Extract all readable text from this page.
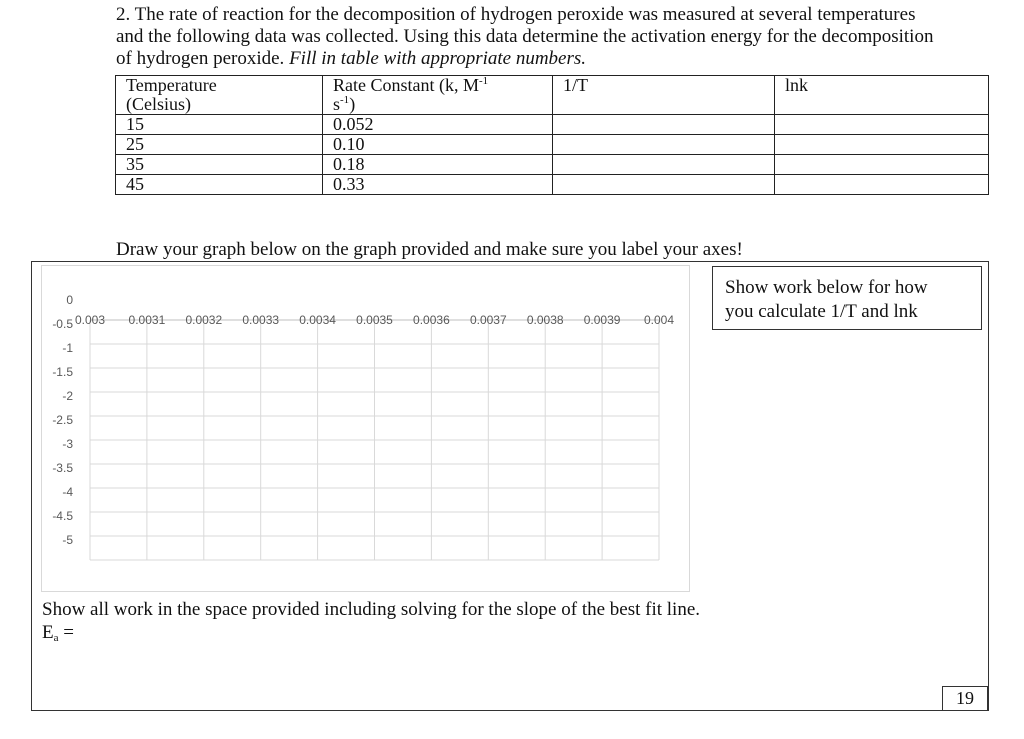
2. The rate of reaction for the decomposition of hydrogen peroxide was measured at several temperatures and the following data was collected. Using this data determine the activation energy for the decomposition of hydrogen peroxide. Fill in table with appropriate numbers.
Temperature
(Celsius)	Rate Constant (k, $M^{-1}$
$s^{-1}$)	1/T	lnk
15	0.052		
25	0.10		
35	0.18		
45	0.33		
Draw your graph below on the graph provided and make sure you label your axes!
0
-0.5
-1
-1.5
-2
-2.5
-3
-3.5
-4
-4.5
-5
0.003 0.0031 0.0032 0.0033 0.0034 0.0035 0.0036 0.0037 0.0038 0.0039 0.004
Show work below for how
you calculate 1/T and lnk
Show all work in the space provided including solving for the slope of the best fit line.
$E_a$ =
19
